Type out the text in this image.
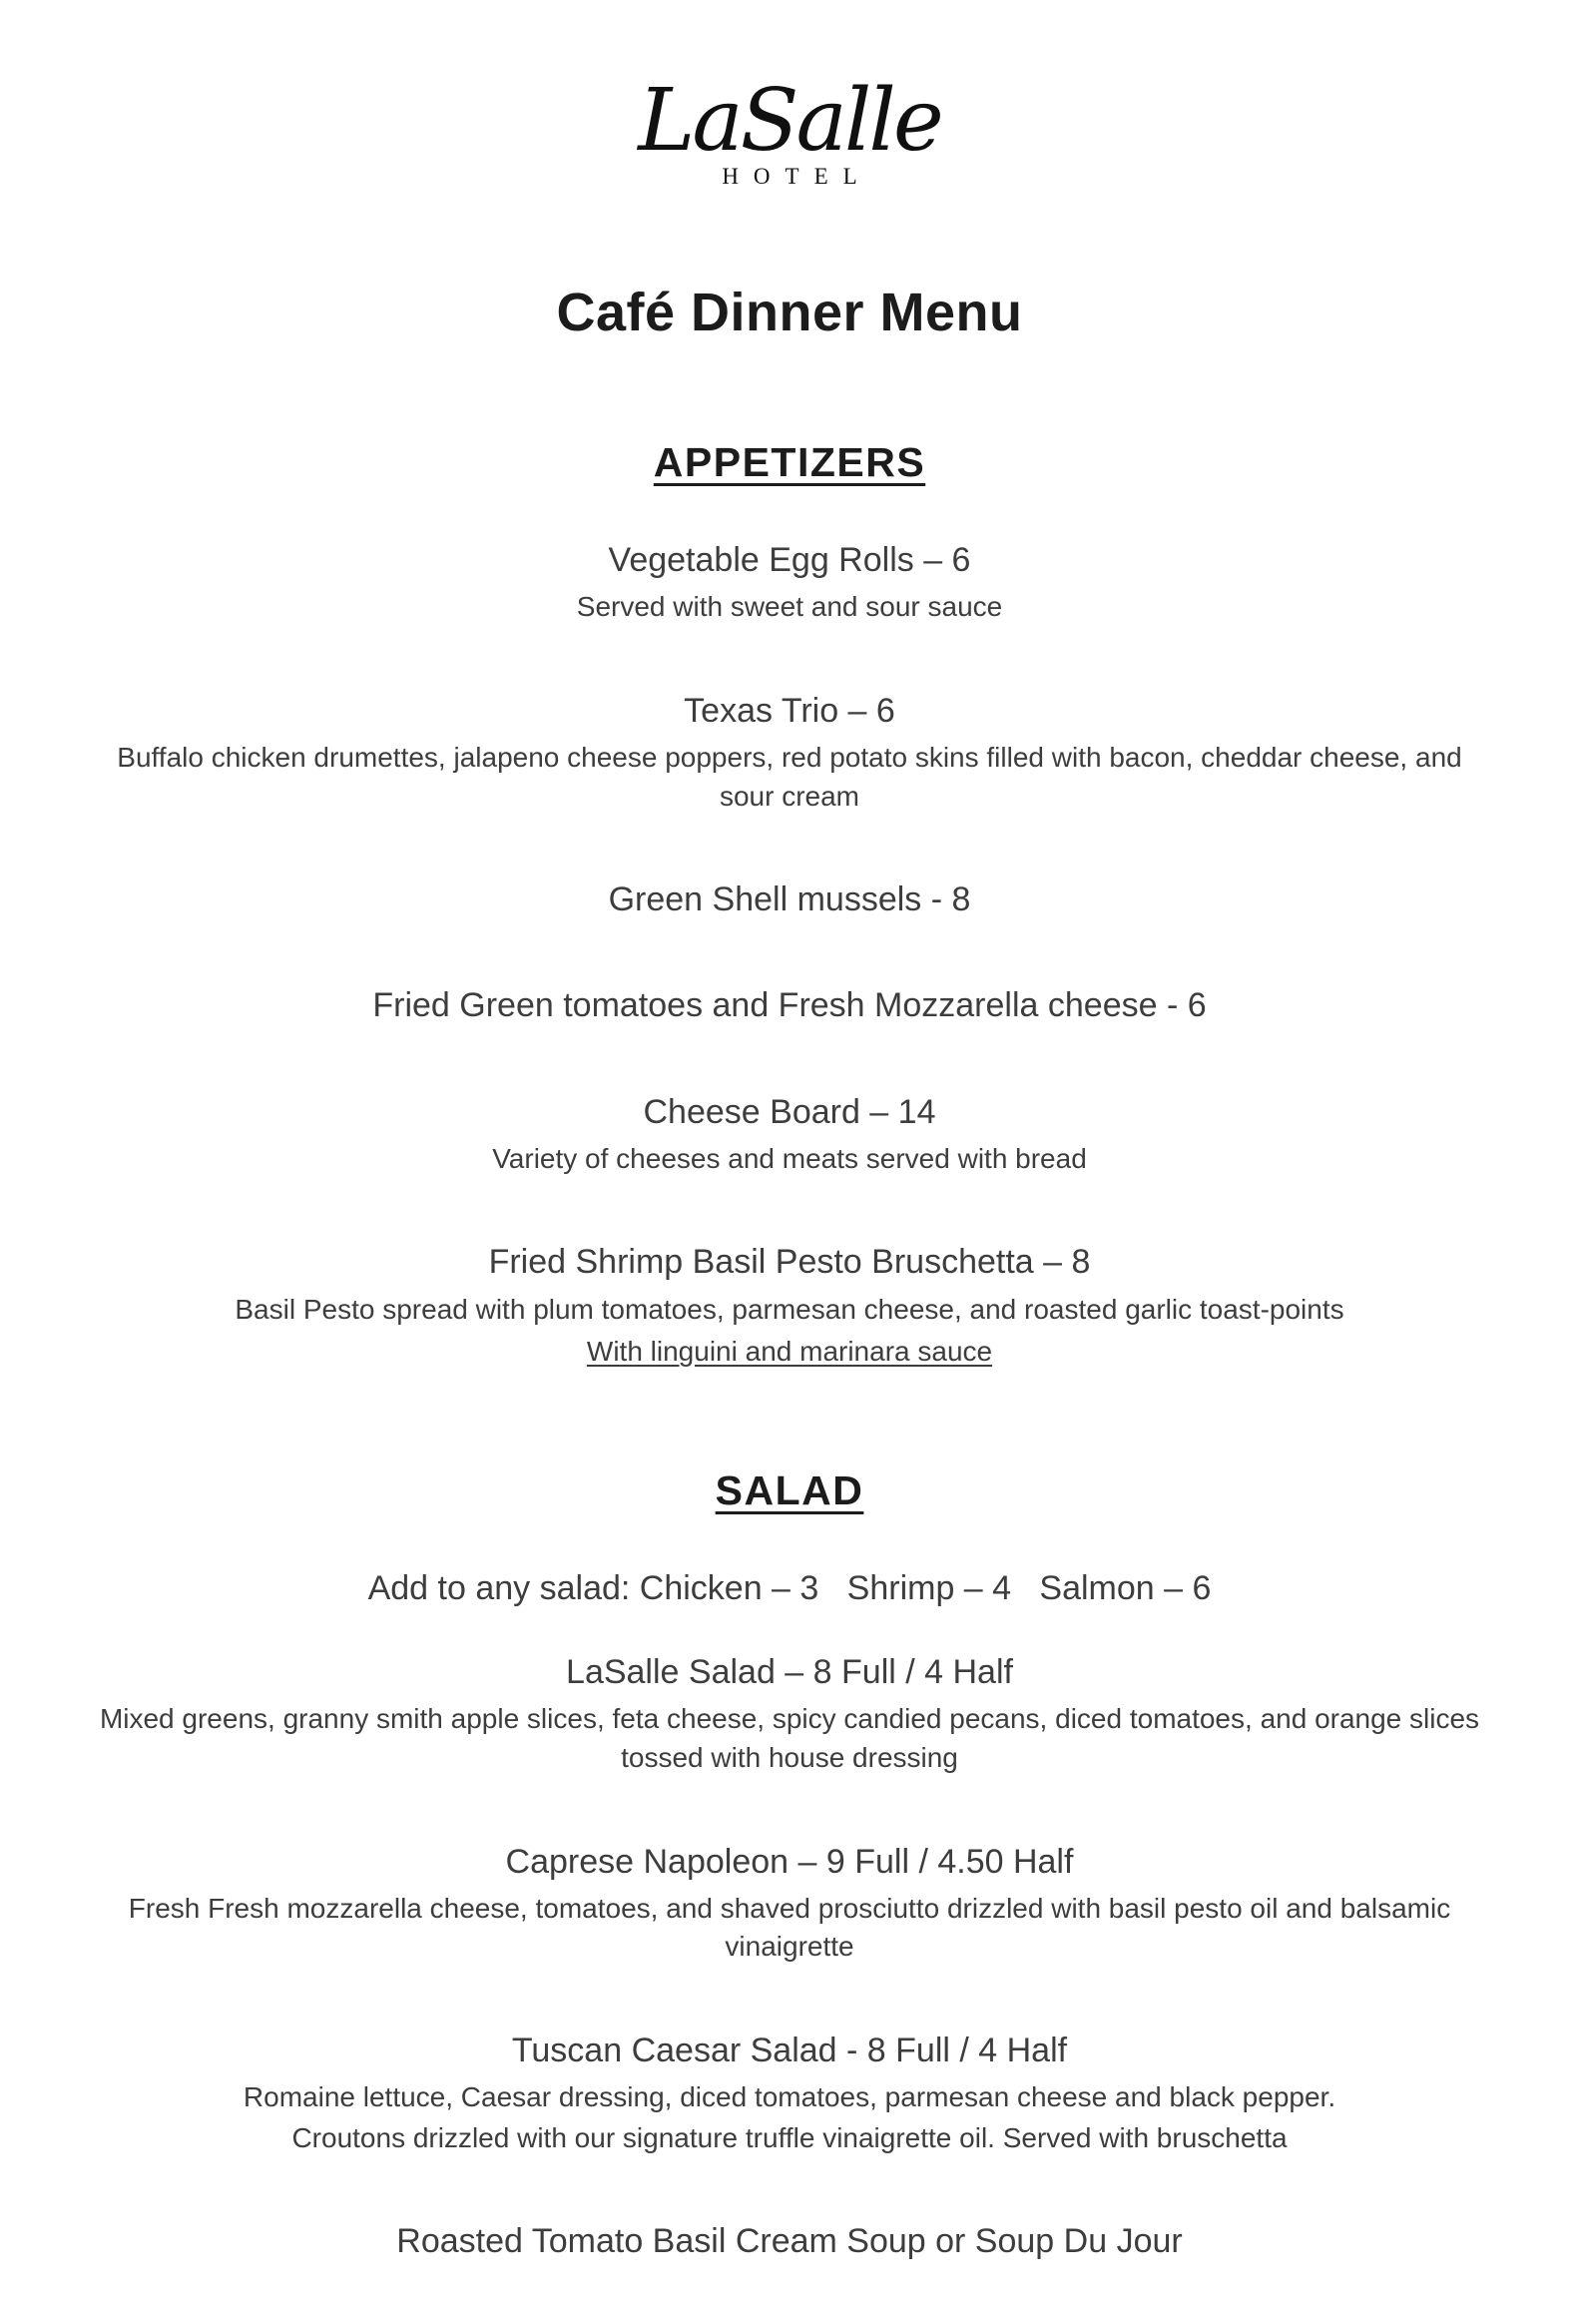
LaSalle
HOTEL
Café Dinner Menu
APPETIZERS
Vegetable Egg Rolls – 6
Served with sweet and sour sauce
Texas Trio – 6
Buffalo chicken drumettes, jalapeno cheese poppers, red potato skins filled with bacon, cheddar cheese, and sour cream
Green Shell mussels - 8
Fried Green tomatoes and Fresh Mozzarella cheese - 6
Cheese Board – 14
Variety of cheeses and meats served with bread
Fried Shrimp Basil Pesto Bruschetta – 8
Basil Pesto spread with plum tomatoes, parmesan cheese, and roasted garlic toast-points
With linguini and marinara sauce
SALAD
Add to any salad: Chicken – 3   Shrimp – 4   Salmon – 6
LaSalle Salad – 8 Full / 4 Half
Mixed greens, granny smith apple slices, feta cheese, spicy candied pecans, diced tomatoes, and orange slices tossed with house dressing
Caprese Napoleon – 9 Full / 4.50 Half
Fresh Fresh mozzarella cheese, tomatoes, and shaved prosciutto drizzled with basil pesto oil and balsamic vinaigrette
Tuscan Caesar Salad - 8 Full / 4 Half
Romaine lettuce, Caesar dressing, diced tomatoes, parmesan cheese and black pepper.
Croutons drizzled with our signature truffle vinaigrette oil. Served with bruschetta
Roasted Tomato Basil Cream Soup or Soup Du Jour
